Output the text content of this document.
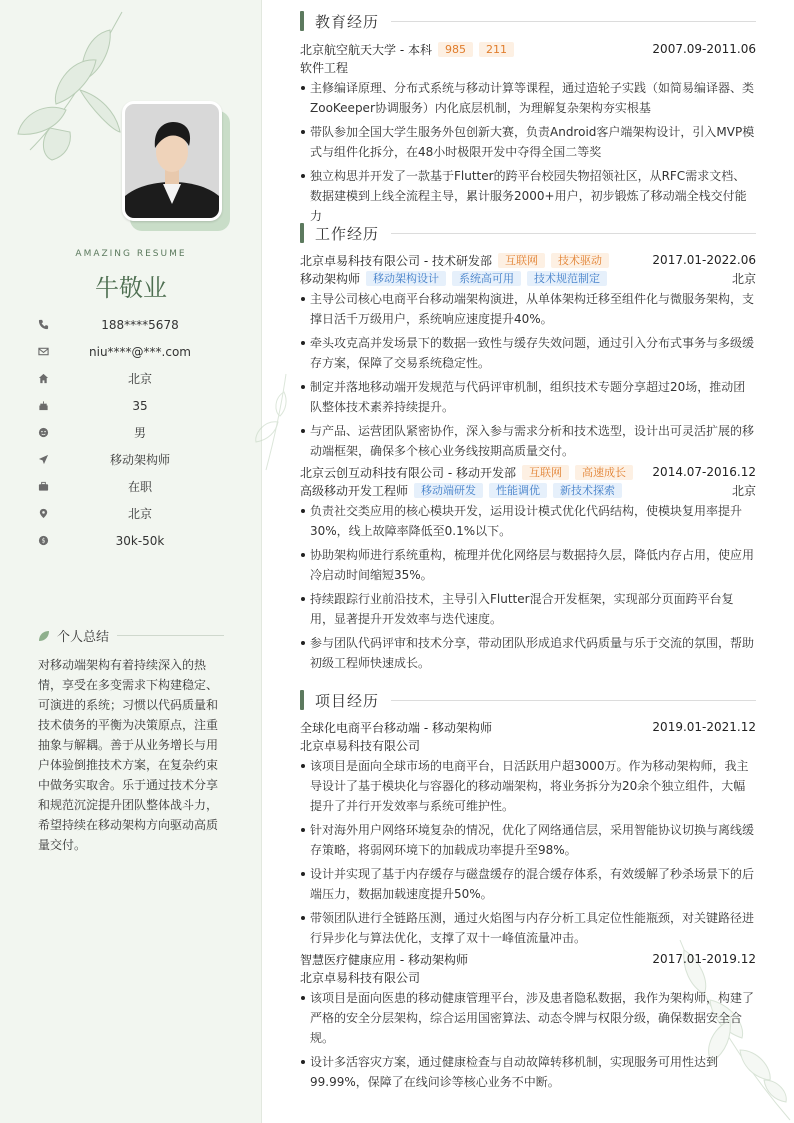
AMAZING RESUME
牛敬业
188****5678
niu****@***.com
北京
35
男
移动架构师
在职
北京
$	30k-50k
个人总结
对移动端架构有着持续深入的热情，享受在多变需求下构建稳定、可演进的系统；习惯以代码质量和技术债务的平衡为决策原点，注重抽象与解耦。善于从业务增长与用户体验倒推技术方案，在复杂约束中做务实取舍。乐于通过技术分享和规范沉淀提升团队整体战斗力，希望持续在移动架构方向驱动高质量交付。
教育经历
北京航空航天大学 - 本科	985	211	2007.09-2011.06
软件工程
主修编译原理、分布式系统与移动计算等课程，通过造轮子实践（如简易编译器、类ZooKeeper协调服务）内化底层机制，为理解复杂架构夯实根基
带队参加全国大学生服务外包创新大赛，负责Android客户端架构设计，引入MVP模式与组件化拆分，在48小时极限开发中夺得全国二等奖
独立构思并开发了一款基于Flutter的跨平台校园失物招领社区，从RFC需求文档、数据建模到上线全流程主导，累计服务2000+用户，初步锻炼了移动端全栈交付能力
工作经历
北京卓易科技有限公司 - 技术研发部	互联网	技术驱动	2017.01-2022.06
移动架构师	移动架构设计	系统高可用	技术规范制定	北京
主导公司核心电商平台移动端架构演进，从单体架构迁移至组件化与微服务架构，支撑日活千万级用户，系统响应速度提升40%。
牵头攻克高并发场景下的数据一致性与缓存失效问题，通过引入分布式事务与多级缓存方案，保障了交易系统稳定性。
制定并落地移动端开发规范与代码评审机制，组织技术专题分享超过20场，推动团队整体技术素养持续提升。
与产品、运营团队紧密协作，深入参与需求分析和技术选型，设计出可灵活扩展的移动端框架，确保多个核心业务线按期高质量交付。
北京云创互动科技有限公司 - 移动开发部	互联网	高速成长	2014.07-2016.12
高级移动开发工程师	移动端研发	性能调优	新技术探索	北京
负责社交类应用的核心模块开发，运用设计模式优化代码结构，使模块复用率提升30%，线上故障率降低至0.1%以下。
协助架构师进行系统重构，梳理并优化网络层与数据持久层，降低内存占用，使应用冷启动时间缩短35%。
持续跟踪行业前沿技术，主导引入Flutter混合开发框架，实现部分页面跨平台复用，显著提升开发效率与迭代速度。
参与团队代码评审和技术分享，带动团队形成追求代码质量与乐于交流的氛围，帮助初级工程师快速成长。
项目经历
全球化电商平台移动端 - 移动架构师	2019.01-2021.12
北京卓易科技有限公司
该项目是面向全球市场的电商平台，日活跃用户超3000万。作为移动架构师，我主导设计了基于模块化与容器化的移动端架构，将业务拆分为20余个独立组件，大幅提升了并行开发效率与系统可维护性。
针对海外用户网络环境复杂的情况，优化了网络通信层，采用智能协议切换与离线缓存策略，将弱网环境下的加载成功率提升至98%。
设计并实现了基于内存缓存与磁盘缓存的混合缓存体系，有效缓解了秒杀场景下的后端压力，数据加载速度提升50%。
带领团队进行全链路压测，通过火焰图与内存分析工具定位性能瓶颈，对关键路径进行异步化与算法优化，支撑了双十一峰值流量冲击。
智慧医疗健康应用 - 移动架构师	2017.01-2019.12
北京卓易科技有限公司
该项目是面向医患的移动健康管理平台，涉及患者隐私数据，我作为架构师，构建了严格的安全分层架构，综合运用国密算法、动态令牌与权限分级，确保数据安全合规。
设计多活容灾方案，通过健康检查与自动故障转移机制，实现服务可用性达到99.99%，保障了在线问诊等核心业务不中断。
